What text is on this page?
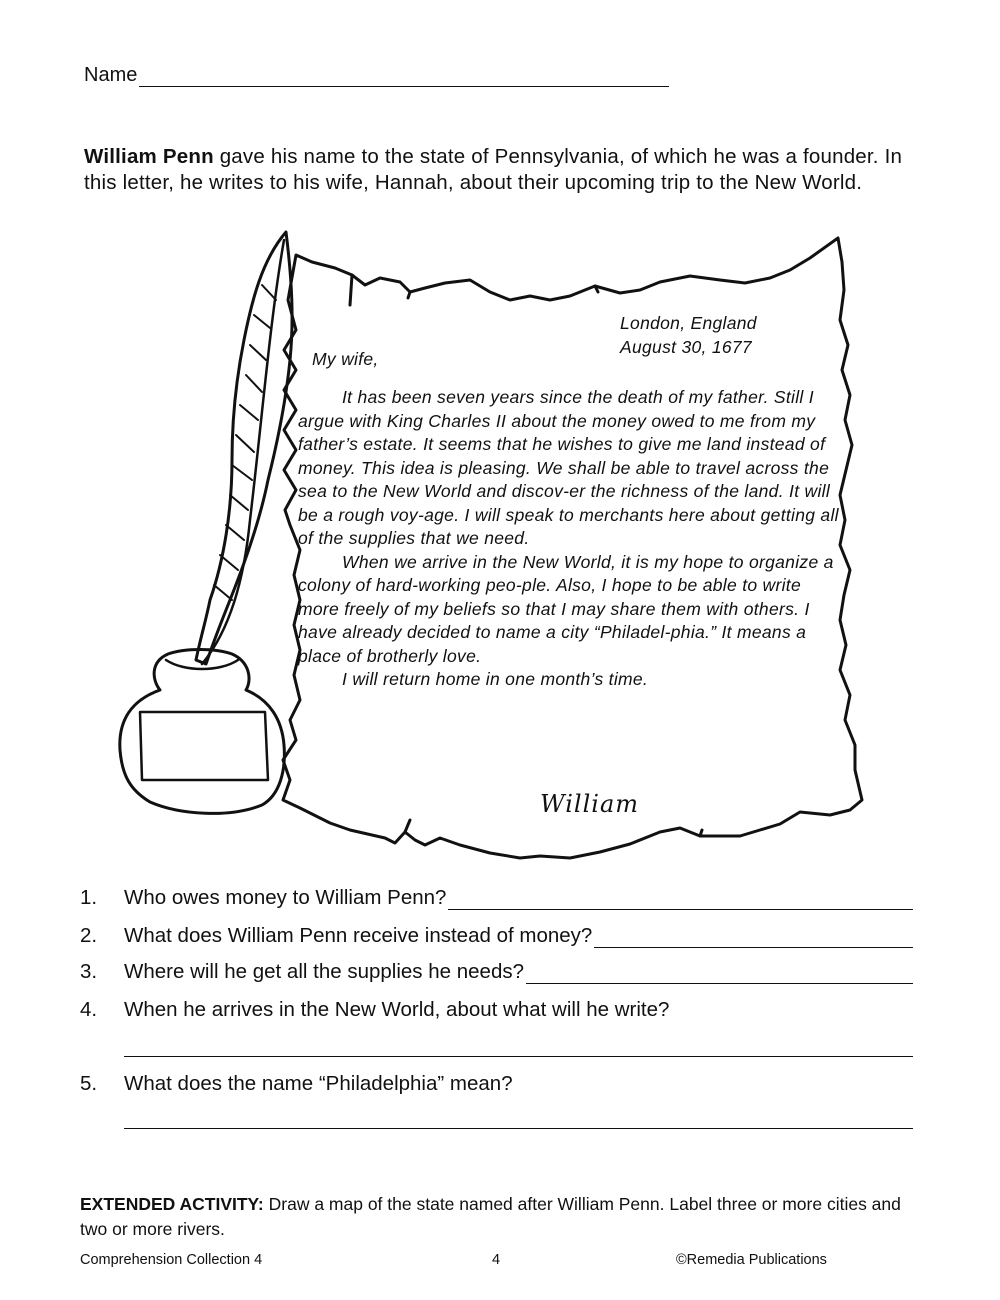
Name
William Penn gave his name to the state of Pennsylvania, of which he was a founder. In this letter, he writes to his wife, Hannah, about their upcoming trip to the New World.
London, England
August 30, 1677
My wife,

It has been seven years since the death of my father. Still I argue with King Charles II about the money owed to me from my father’s estate. It seems that he wishes to give me land instead of money. This idea is pleasing. We shall be able to travel across the sea to the New World and discov-er the richness of the land. It will be a rough voy-age. I will speak to merchants here about getting all of the supplies that we need.

When we arrive in the New World, it is my hope to organize a colony of hard-working peo-ple. Also, I hope to be able to write more freely of my beliefs so that I may share them with others. I have already decided to name a city “Philadel-phia.” It means a place of brotherly love.

I will return home in one month’s time.

William
1.	Who owes money to William Penn?
2.	What does William Penn receive instead of money?
3.	Where will he get all the supplies he needs?
4.	When he arrives in the New World, about what will he write?
5.	What does the name “Philadelphia” mean?
EXTENDED ACTIVITY: Draw a map of the state named after William Penn. Label three or more cities and two or more rivers.
Comprehension Collection 4	4	©Remedia Publications
